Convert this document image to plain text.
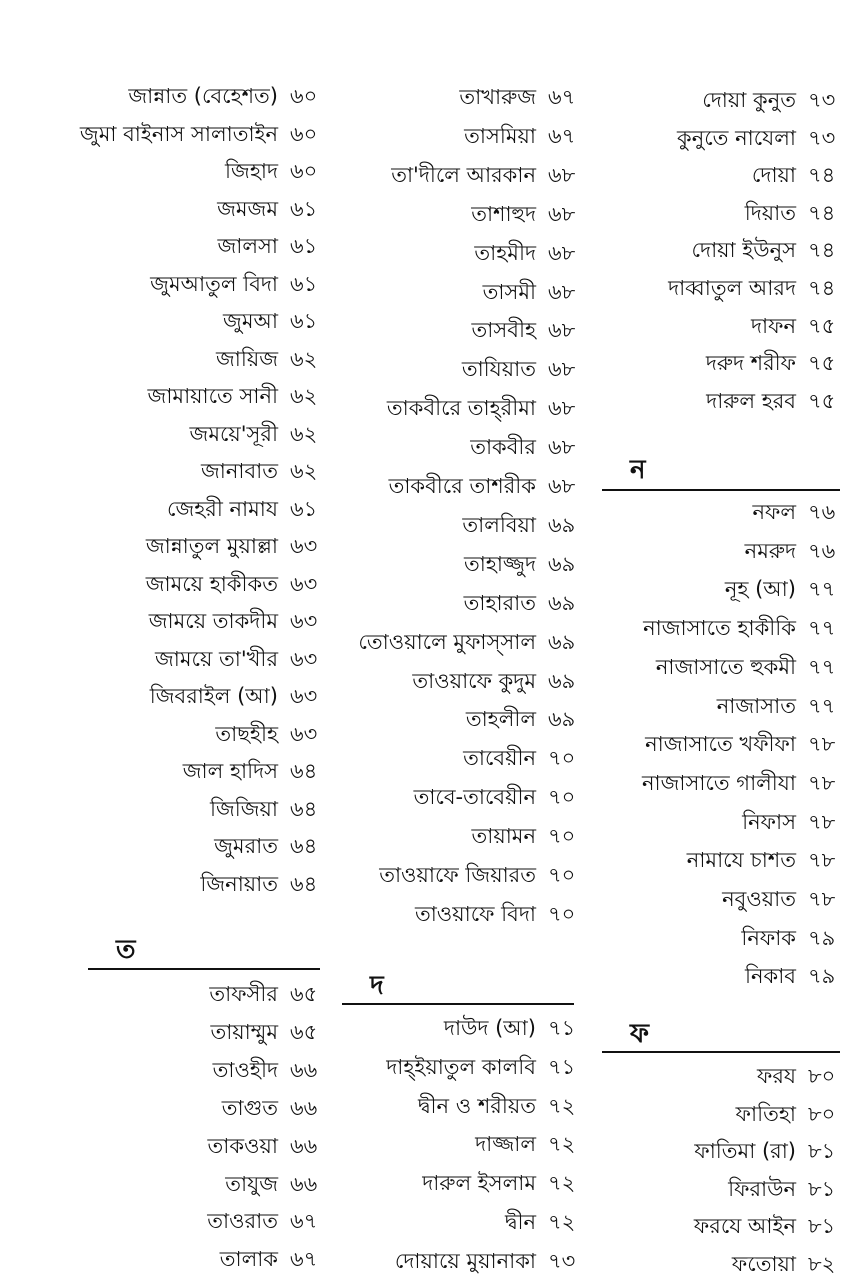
জান্নাত (বেহেশত) ৬০
জুমা বাইনাস সালাতাইন ৬০
জিহাদ ৬০
জমজম ৬১
জালসা ৬১
জুমআতুল বিদা ৬১
জুমআ ৬১
জায়িজ ৬২
জামায়াতে সানী ৬২
জময়ে'সূরী ৬২
জানাবাত ৬২
জেহরী নামায ৬১
জান্নাতুল মুয়াল্লা ৬৩
জাময়ে হাকীকত ৬৩
জাময়ে তাকদীম ৬৩
জাময়ে তা'খীর ৬৩
জিবরাইল (আ) ৬৩
তাছহীহ ৬৩
জাল হাদিস ৬৪
জিজিয়া ৬৪
জুমরাত ৬৪
জিনায়াত ৬৪
ত
তাফসীর ৬৫
তায়াম্মুম ৬৫
তাওহীদ ৬৬
তাগুত ৬৬
তাকওয়া ৬৬
তাযুজ ৬৬
তাওরাত ৬৭
তালাক ৬৭
তাখারুজ ৬৭
তাসমিয়া ৬৭
তা'দীলে আরকান ৬৮
তাশাহুদ ৬৮
তাহমীদ ৬৮
তাসমী ৬৮
তাসবীহ ৬৮
তাযিয়াত ৬৮
তাকবীরে তাহ্‌রীমা ৬৮
তাকবীর ৬৮
তাকবীরে তাশরীক ৬৮
তালবিয়া ৬৯
তাহাজ্জুদ ৬৯
তাহারাত ৬৯
তোওয়ালে মুফাস্সাল ৬৯
তাওয়াফে কুদুম ৬৯
তাহলীল ৬৯
তাবেয়ীন ৭০
তাবে-তাবেয়ীন ৭০
তায়ামন ৭০
তাওয়াফে জিয়ারত ৭০
তাওয়াফে বিদা ৭০
দ
দাউদ (আ) ৭১
দাহ্ইয়াতুল কালবি ৭১
দ্বীন ও শরীয়ত ৭২
দাজ্জাল ৭২
দারুল ইসলাম ৭২
দ্বীন ৭২
দোয়ায়ে মুয়ানাকা ৭৩
দোয়া কুনুত ৭৩
কুনুতে নাযেলা ৭৩
দোয়া ৭৪
দিয়াত ৭৪
দোয়া ইউনুস ৭৪
দাব্বাতুল আরদ ৭৪
দাফন ৭৫
দরুদ শরীফ ৭৫
দারুল হরব ৭৫
ন
নফল ৭৬
নমরুদ ৭৬
নূহ (আ) ৭৭
নাজাসাতে হাকীকি ৭৭
নাজাসাতে হুকমী ৭৭
নাজাসাত ৭৭
নাজাসাতে খফীফা ৭৮
নাজাসাতে গালীযা ৭৮
নিফাস ৭৮
নামাযে চাশত ৭৮
নবুওয়াত ৭৮
নিফাক ৭৯
নিকাব ৭৯
ফ
ফরয ৮০
ফাতিহা ৮০
ফাতিমা (রা) ৮১
ফিরাউন ৮১
ফরযে আইন ৮১
ফতোয়া ৮২
